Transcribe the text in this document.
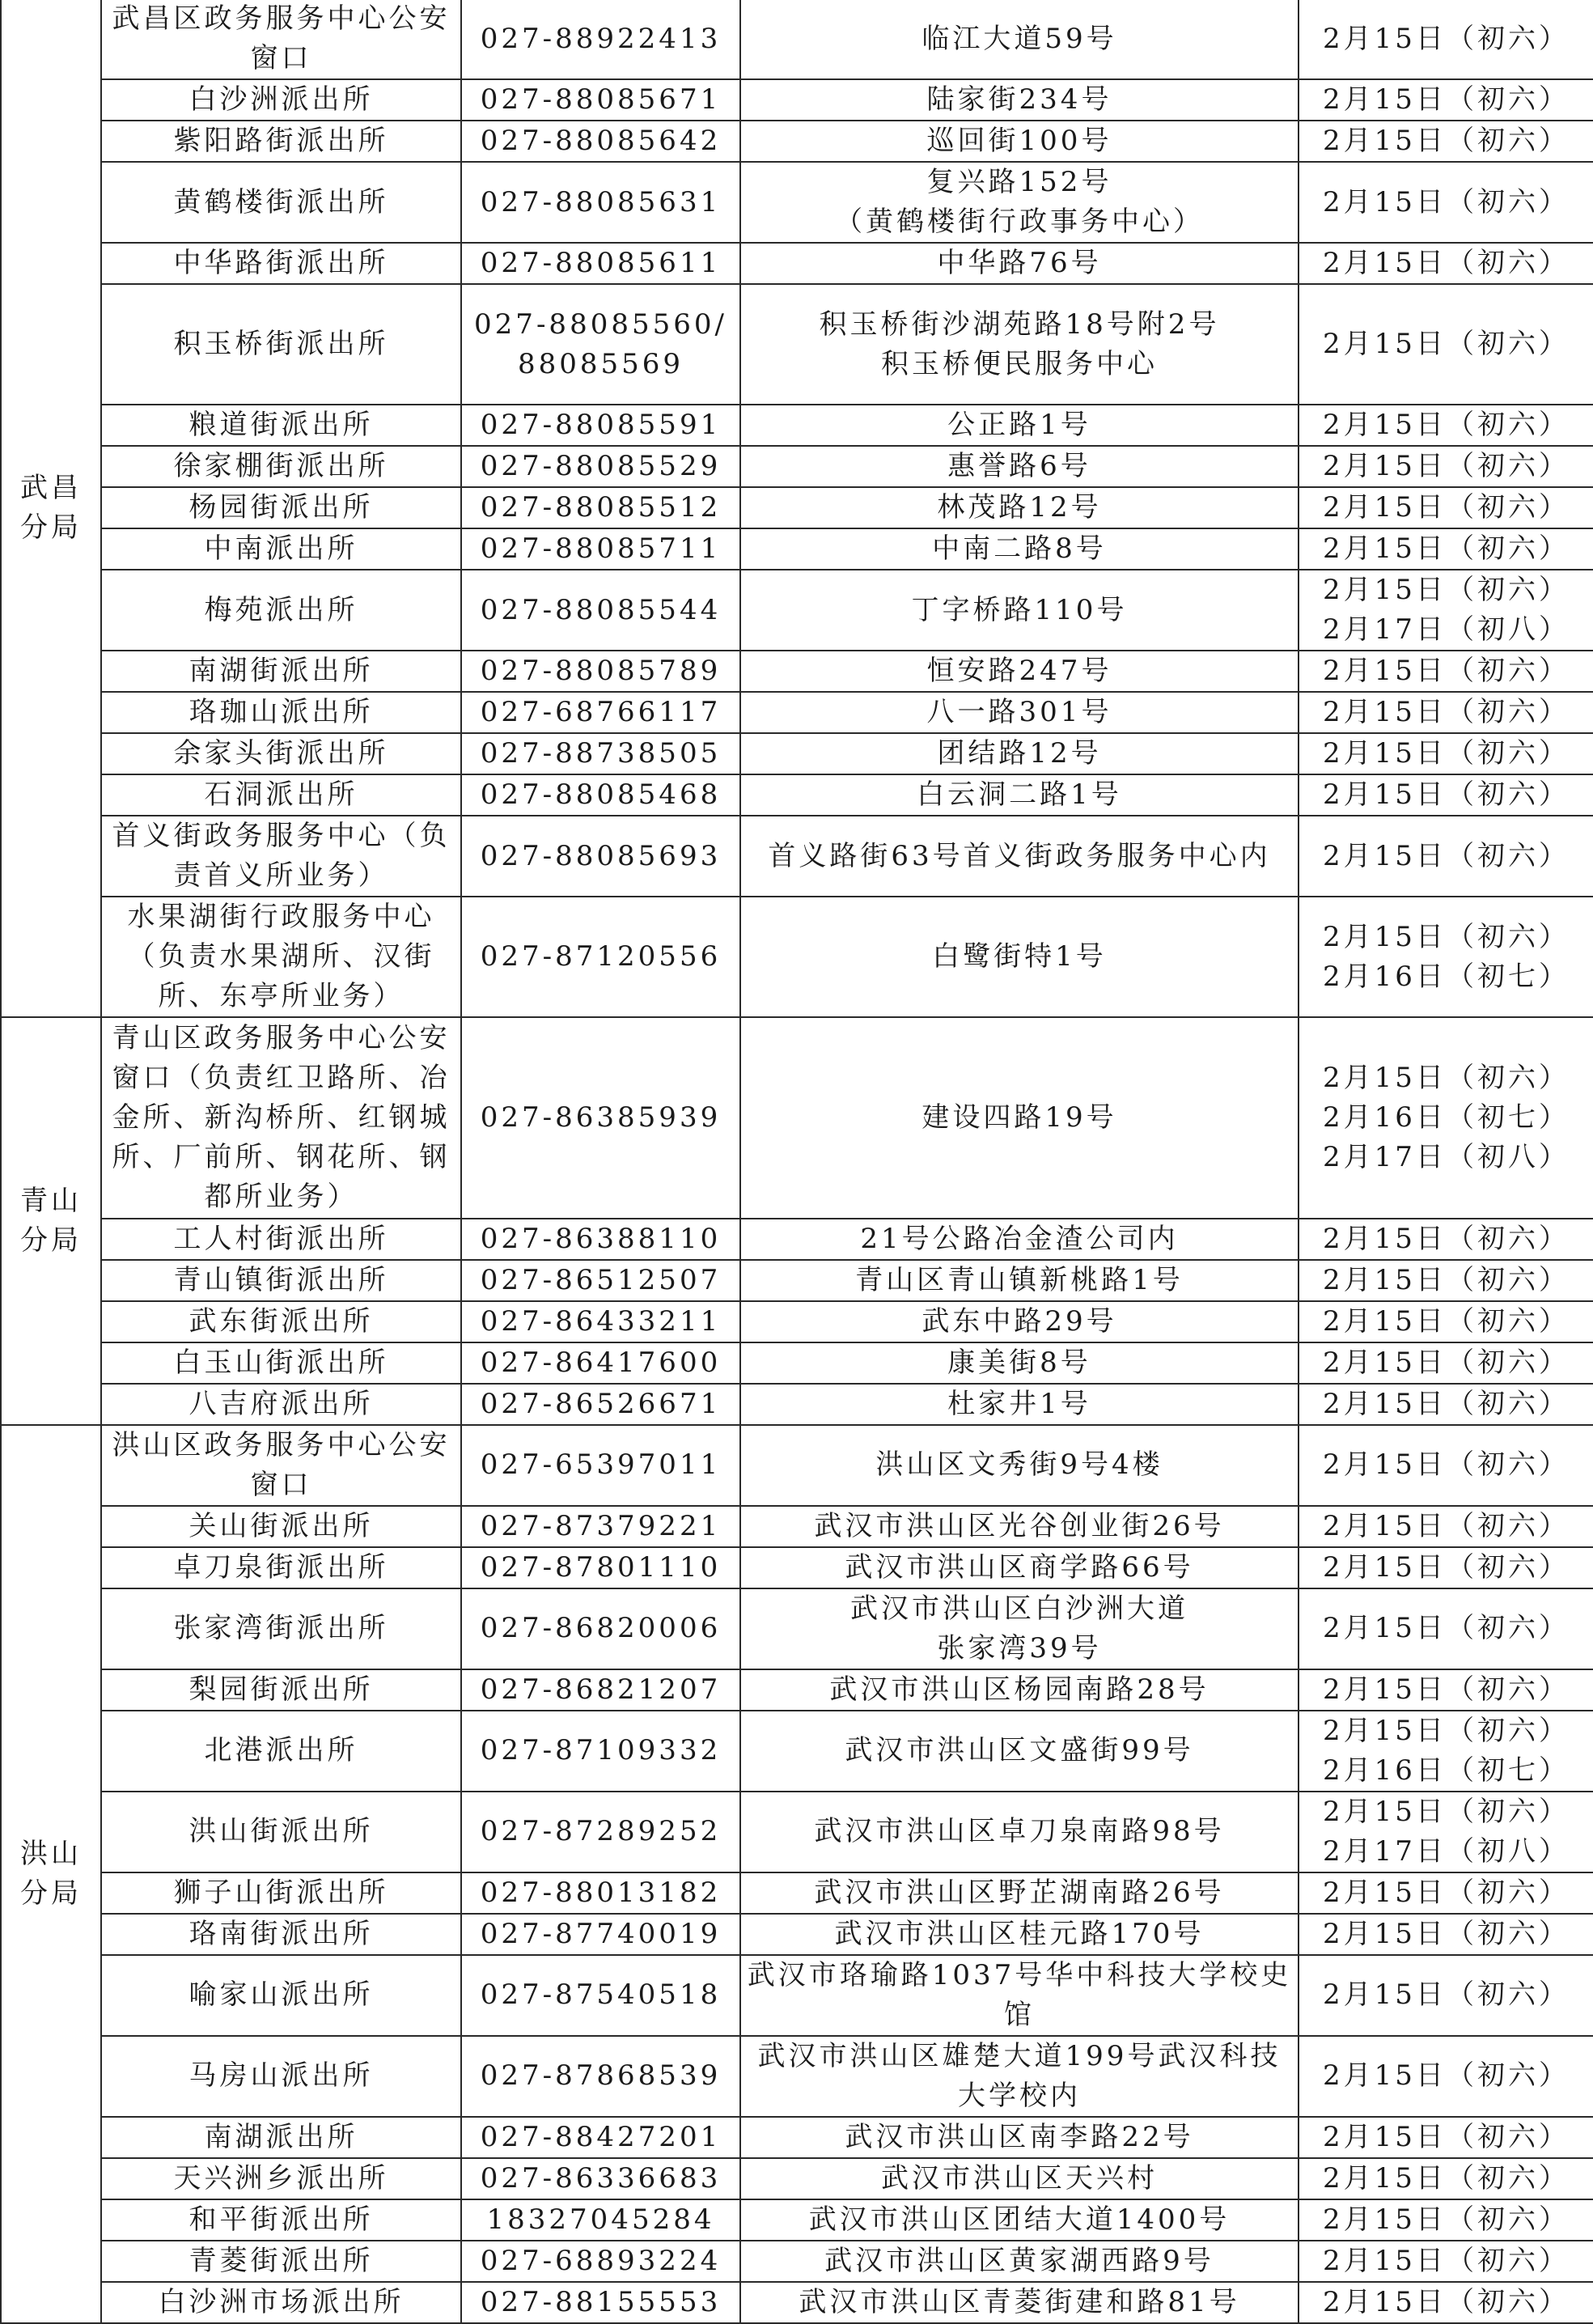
武昌分局	武昌区政务服务中心公安窗口	027-88922413	临江大道59号	2月15日（初六）

	白沙洲派出所	027-88085671	陆家街234号	2月15日（初六）

	紫阳路街派出所	027-88085642	巡回街100号	2月15日（初六）

	黄鹤楼街派出所	027-88085631	复兴路152号
（黄鹤楼街行政事务中心）	2月15日（初六）

	中华路街派出所	027-88085611	中华路76号	2月15日（初六）

	积玉桥街派出所	027-88085560/88085569	积玉桥街沙湖苑路18号附2号
积玉桥便民服务中心	2月15日（初六）

	粮道街派出所	027-88085591	公正路1号	2月15日（初六）

	徐家棚街派出所	027-88085529	惠誉路6号	2月15日（初六）

	杨园街派出所	027-88085512	林茂路12号	2月15日（初六）

	中南派出所	027-88085711	中南二路8号	2月15日（初六）

	梅苑派出所	027-88085544	丁字桥路110号	2月15日（初六）
2月17日（初八）

	南湖街派出所	027-88085789	恒安路247号	2月15日（初六）

	珞珈山派出所	027-68766117	八一路301号	2月15日（初六）

	余家头街派出所	027-88738505	团结路12号	2月15日（初六）

	石洞派出所	027-88085468	白云洞二路1号	2月15日（初六）

	首义街政务服务中心（负责首义所业务）	027-88085693	首义路街63号首义街政务服务中心内	2月15日（初六）

	水果湖街行政服务中心（负责水果湖所、汉街所、东亭所业务）	027-87120556	白鹭街特1号	2月15日（初六）
2月16日（初七）

青山分局	青山区政务服务中心公安窗口（负责红卫路所、冶金所、新沟桥所、红钢城所、厂前所、钢花所、钢都所业务）	027-86385939	建设四路19号	2月15日（初六）
2月16日（初七）
2月17日（初八）

	工人村街派出所	027-86388110	21号公路冶金渣公司内	2月15日（初六）

	青山镇街派出所	027-86512507	青山区青山镇新桃路1号	2月15日（初六）

	武东街派出所	027-86433211	武东中路29号	2月15日（初六）

	白玉山街派出所	027-86417600	康美街8号	2月15日（初六）

	八吉府派出所	027-86526671	杜家井1号	2月15日（初六）

洪山分局	洪山区政务服务中心公安窗口	027-65397011	洪山区文秀街9号4楼	2月15日（初六）

	关山街派出所	027-87379221	武汉市洪山区光谷创业街26号	2月15日（初六）

	卓刀泉街派出所	027-87801110	武汉市洪山区商学路66号	2月15日（初六）

	张家湾街派出所	027-86820006	武汉市洪山区白沙洲大道
张家湾39号	2月15日（初六）

	梨园街派出所	027-86821207	武汉市洪山区杨园南路28号	2月15日（初六）

	北港派出所	027-87109332	武汉市洪山区文盛街99号	2月15日（初六）
2月16日（初七）

	洪山街派出所	027-87289252	武汉市洪山区卓刀泉南路98号	2月15日（初六）
2月17日（初八）

	狮子山街派出所	027-88013182	武汉市洪山区野芷湖南路26号	2月15日（初六）

	珞南街派出所	027-87740019	武汉市洪山区桂元路170号	2月15日（初六）

	喻家山派出所	027-87540518	武汉市珞瑜路1037号华中科技大学校史馆	2月15日（初六）

	马房山派出所	027-87868539	武汉市洪山区雄楚大道199号武汉科技大学校内	2月15日（初六）

	南湖派出所	027-88427201	武汉市洪山区南李路22号	2月15日（初六）

	天兴洲乡派出所	027-86336683	武汉市洪山区天兴村	2月15日（初六）

	和平街派出所	18327045284	武汉市洪山区团结大道1400号	2月15日（初六）

	青菱街派出所	027-68893224	武汉市洪山区黄家湖西路9号	2月15日（初六）

	白沙洲市场派出所	027-88155553	武汉市洪山区青菱街建和路81号	2月15日（初六）
